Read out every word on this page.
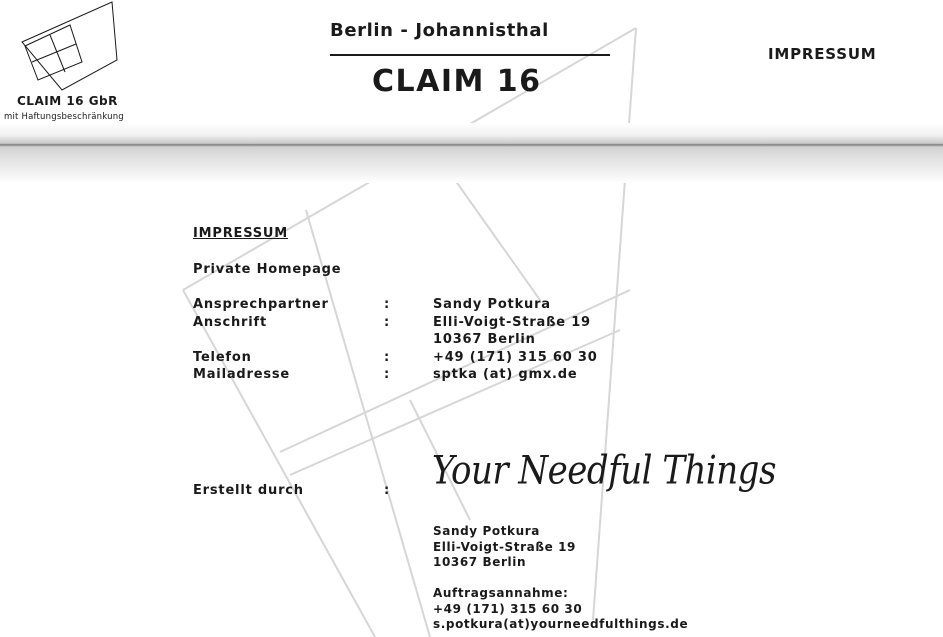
CLAIM 16 GbR
mit Haftungsbeschränkung
Berlin - Johannisthal
CLAIM 16
IMPRESSUM
IMPRESSUM
Private Homepage
Ansprechpartner	:	Sandy Potkura
Anschrift	:	Elli-Voigt-Straße 19
10367 Berlin
Telefon	:	+49 (171) 315 60 30
Mailadresse	:	sptka (at) gmx.de
Erstellt durch	: Your Needful Things
Sandy Potkura
Elli-Voigt-Straße 19
10367 Berlin
Auftragsannahme:
+49 (171) 315 60 30
s.potkura(at)yourneedfulthings.de
